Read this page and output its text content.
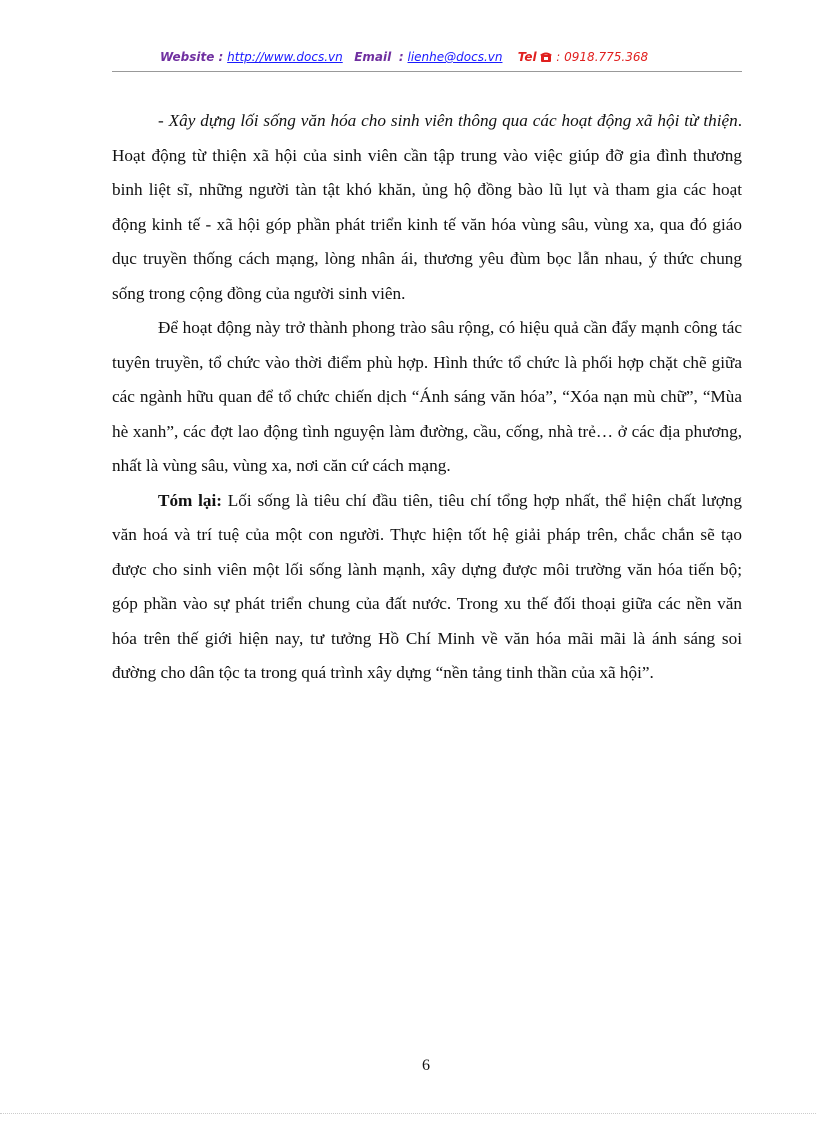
Website : http://www.docs.vn Email : lienhe@docs.vn Tel : 0918.775.368

- Xây dựng lối sống văn hóa cho sinh viên thông qua các hoạt động xã hội từ thiện. Hoạt động từ thiện xã hội của sinh viên cần tập trung vào việc giúp đỡ gia đình thương binh liệt sĩ, những người tàn tật khó khăn, ủng hộ đồng bào lũ lụt và tham gia các hoạt động kinh tế - xã hội góp phần phát triển kinh tế văn hóa vùng sâu, vùng xa, qua đó giáo dục truyền thống cách mạng, lòng nhân ái, thương yêu đùm bọc lẫn nhau, ý thức chung sống trong cộng đồng của người sinh viên.

Để hoạt động này trở thành phong trào sâu rộng, có hiệu quả cần đẩy mạnh công tác tuyên truyền, tổ chức vào thời điểm phù hợp. Hình thức tổ chức là phối hợp chặt chẽ giữa các ngành hữu quan để tổ chức chiến dịch “Ánh sáng văn hóa”, “Xóa nạn mù chữ”, “Mùa hè xanh”, các đợt lao động tình nguyện làm đường, cầu, cống, nhà trẻ… ở các địa phương, nhất là vùng sâu, vùng xa, nơi căn cứ cách mạng.

Tóm lại: Lối sống là tiêu chí đầu tiên, tiêu chí tổng hợp nhất, thể hiện chất lượng văn hoá và trí tuệ của một con người. Thực hiện tốt hệ giải pháp trên, chắc chắn sẽ tạo được cho sinh viên một lối sống lành mạnh, xây dựng được môi trường văn hóa tiến bộ; góp phần vào sự phát triển chung của đất nước. Trong xu thế đối thoại giữa các nền văn hóa trên thế giới hiện nay, tư tưởng Hồ Chí Minh về văn hóa mãi mãi là ánh sáng soi đường cho dân tộc ta trong quá trình xây dựng “nền tảng tinh thần của xã hội”.

6
